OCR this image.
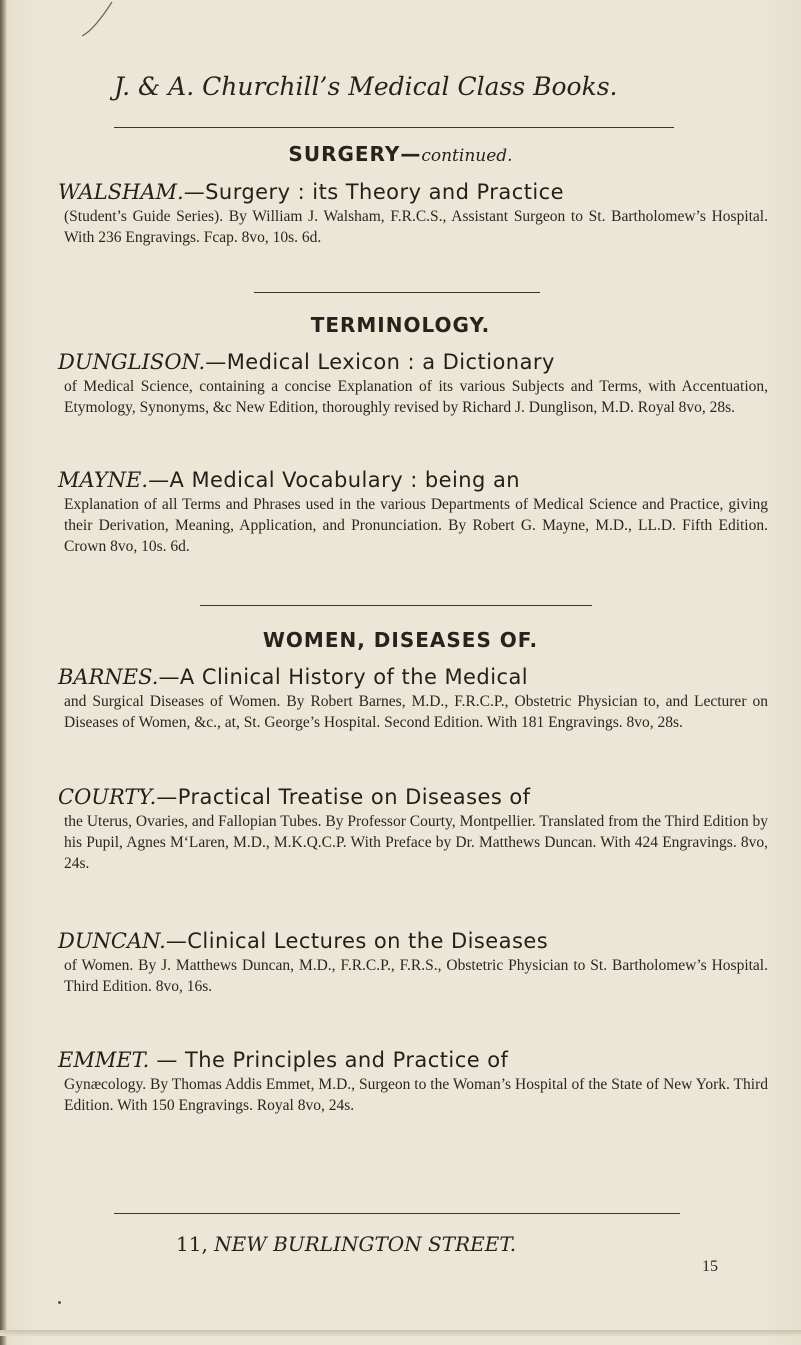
J. & A. Churchill’s Medical Class Books.
SURGERY—continued.
WALSHAM.—Surgery : its Theory and Practice
(Student’s Guide Series). By William J. Walsham, F.R.C.S., Assistant Surgeon to St. Bartholomew’s Hospital. With 236 Engravings. Fcap. 8vo, 10s. 6d.
TERMINOLOGY.
DUNGLISON.—Medical Lexicon : a Dictionary
of Medical Science, containing a concise Explanation of its various Subjects and Terms, with Accentuation, Etymology, Synonyms, &c New Edition, thoroughly revised by Richard J. Dunglison, M.D. Royal 8vo, 28s.
MAYNE.—A Medical Vocabulary : being an
Explanation of all Terms and Phrases used in the various Departments of Medical Science and Practice, giving their Derivation, Meaning, Application, and Pronunciation. By Robert G. Mayne, M.D., LL.D. Fifth Edition. Crown 8vo, 10s. 6d.
WOMEN, DISEASES OF.
BARNES.—A Clinical History of the Medical
and Surgical Diseases of Women. By Robert Barnes, M.D., F.R.C.P., Obstetric Physician to, and Lecturer on Diseases of Women, &c., at, St. George’s Hospital. Second Edition. With 181 Engravings. 8vo, 28s.
COURTY.—Practical Treatise on Diseases of
the Uterus, Ovaries, and Fallopian Tubes. By Professor Courty, Montpellier. Translated from the Third Edition by his Pupil, Agnes M‘Laren, M.D., M.K.Q.C.P. With Preface by Dr. Matthews Duncan. With 424 Engravings. 8vo, 24s.
DUNCAN.—Clinical Lectures on the Diseases
of Women. By J. Matthews Duncan, M.D., F.R.C.P., F.R.S., Obstetric Physician to St. Bartholomew’s Hospital. Third Edition. 8vo, 16s.
EMMET. — The Principles and Practice of
Gynæcology. By Thomas Addis Emmet, M.D., Surgeon to the Woman’s Hospital of the State of New York. Third Edition. With 150 Engravings. Royal 8vo, 24s.
11, NEW BURLINGTON STREET.
15
